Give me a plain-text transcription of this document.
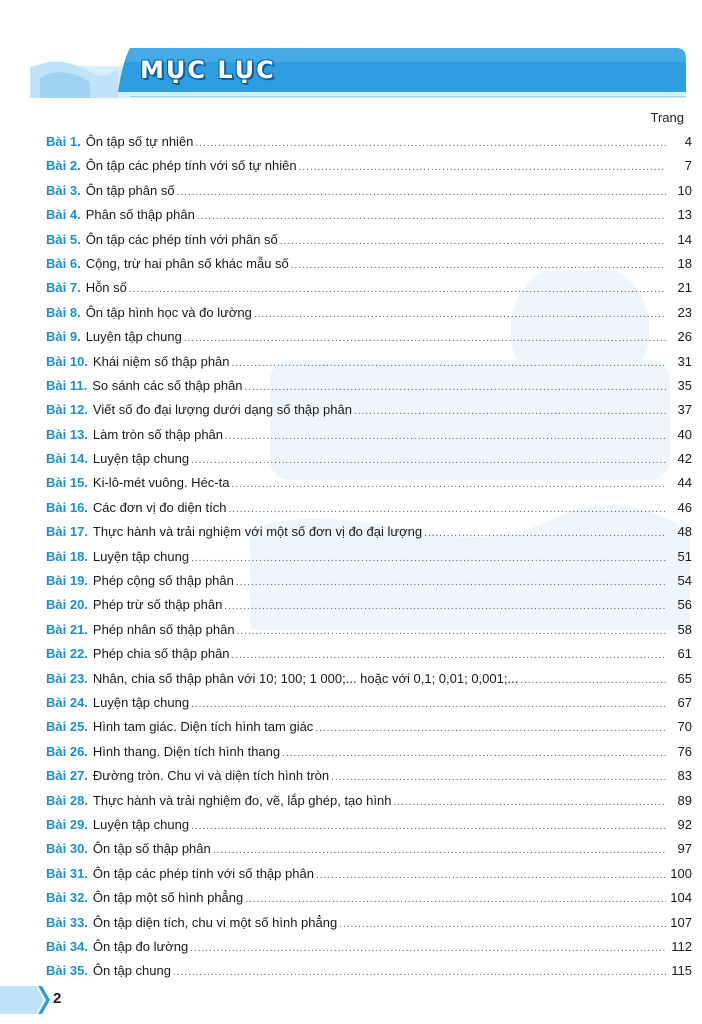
MỤC LỤC
Trang
Bài 1. Ôn tập số tự nhiên .....	4
Bài 2. Ôn tập các phép tính với số tự nhiên .....	7
Bài 3. Ôn tập phân số .....	10
Bài 4. Phân số thập phân .....	13
Bài 5. Ôn tập các phép tính với phân số .....	14
Bài 6. Cộng, trừ hai phân số khác mẫu số .....	18
Bài 7. Hỗn số .....	21
Bài 8. Ôn tập hình học và đo lường .....	23
Bài 9. Luyện tập chung .....	26
Bài 10. Khái niệm số thập phân .....	31
Bài 11. So sánh các số thập phân .....	35
Bài 12. Viết số đo đại lượng dưới dạng số thập phân .....	37
Bài 13. Làm tròn số thập phân .....	40
Bài 14. Luyện tập chung .....	42
Bài 15. Ki-lô-mét vuông. Héc-ta .....	44
Bài 16. Các đơn vị đo diện tích .....	46
Bài 17. Thực hành và trải nghiệm với một số đơn vị đo đại lượng .....	48
Bài 18. Luyện tập chung .....	51
Bài 19. Phép cộng số thập phân .....	54
Bài 20. Phép trừ số thập phân .....	56
Bài 21. Phép nhân số thập phân .....	58
Bài 22. Phép chia số thập phân .....	61
Bài 23. Nhân, chia số thập phân với 10; 100; 1 000;... hoặc với 0,1; 0,01; 0,001;... .....	65
Bài 24. Luyện tập chung .....	67
Bài 25. Hình tam giác. Diện tích hình tam giác .....	70
Bài 26. Hình thang. Diện tích hình thang .....	76
Bài 27. Đường tròn. Chu vi và diện tích hình tròn .....	83
Bài 28. Thực hành và trải nghiệm đo, vẽ, lắp ghép, tạo hình .....	89
Bài 29. Luyện tập chung .....	92
Bài 30. Ôn tập số thập phân .....	97
Bài 31. Ôn tập các phép tính với số thập phân .....	100
Bài 32. Ôn tập một số hình phẳng .....	104
Bài 33. Ôn tập diện tích, chu vi một số hình phẳng .....	107
Bài 34. Ôn tập đo lường .....	112
Bài 35. Ôn tập chung .....	115
2
